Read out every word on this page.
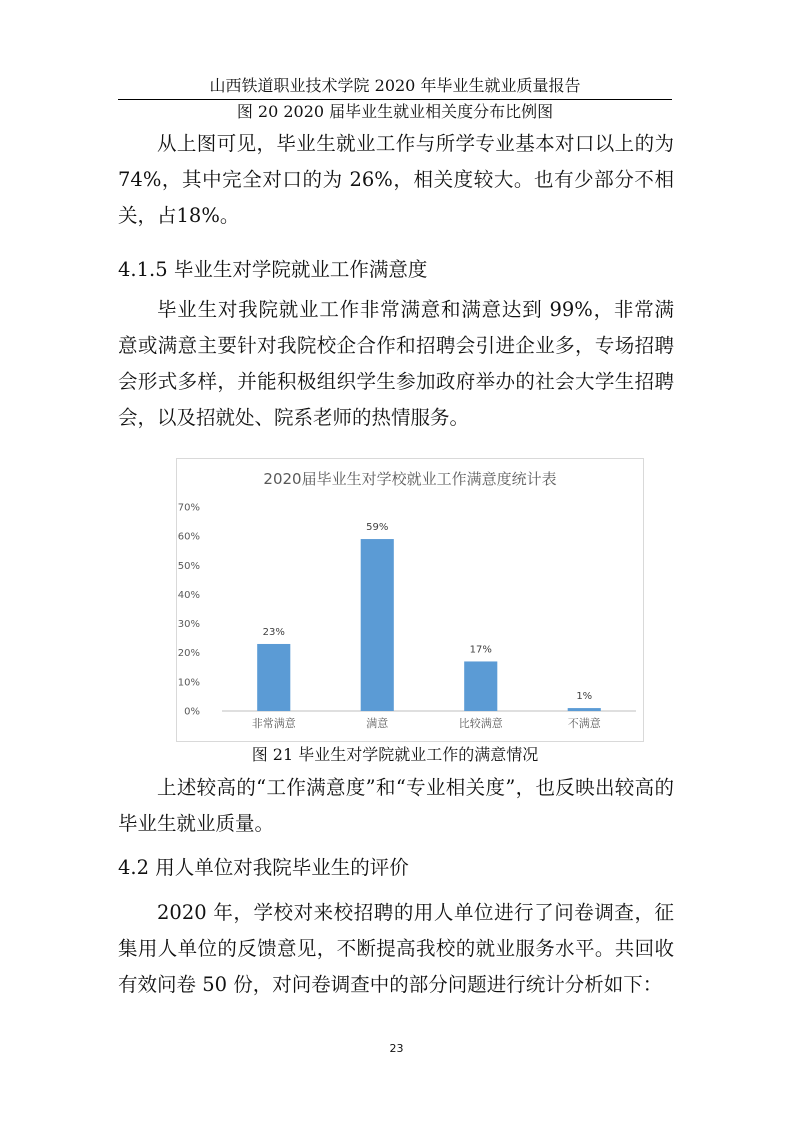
山西铁道职业技术学院 2020 年毕业生就业质量报告
图 20 2020 届毕业生就业相关度分布比例图

从上图可见，毕业生就业工作与所学专业基本对口以上的为74%，其中完全对口的为 26%，相关度较大。也有少部分不相关，占18%。

4.1.5 毕业生对学院就业工作满意度

毕业生对我院就业工作非常满意和满意达到 99%，非常满意或满意主要针对我院校企合作和招聘会引进企业多，专场招聘会形式多样，并能积极组织学生参加政府举办的社会大学生招聘会，以及招就处、院系老师的热情服务。

2020届毕业生对学校就业工作满意度统计表
0%
10%
20%
30%
40%
50%
60%
70%
23%
59%
17%
1%
非常满意	满意	比较满意	不满意
图 21 毕业生对学院就业工作的满意情况

上述较高的“工作满意度”和“专业相关度”，也反映出较高的毕业生就业质量。

4.2 用人单位对我院毕业生的评价

2020 年，学校对来校招聘的用人单位进行了问卷调查，征集用人单位的反馈意见，不断提高我校的就业服务水平。共回收有效问卷 50 份，对问卷调查中的部分问题进行统计分析如下：

23
